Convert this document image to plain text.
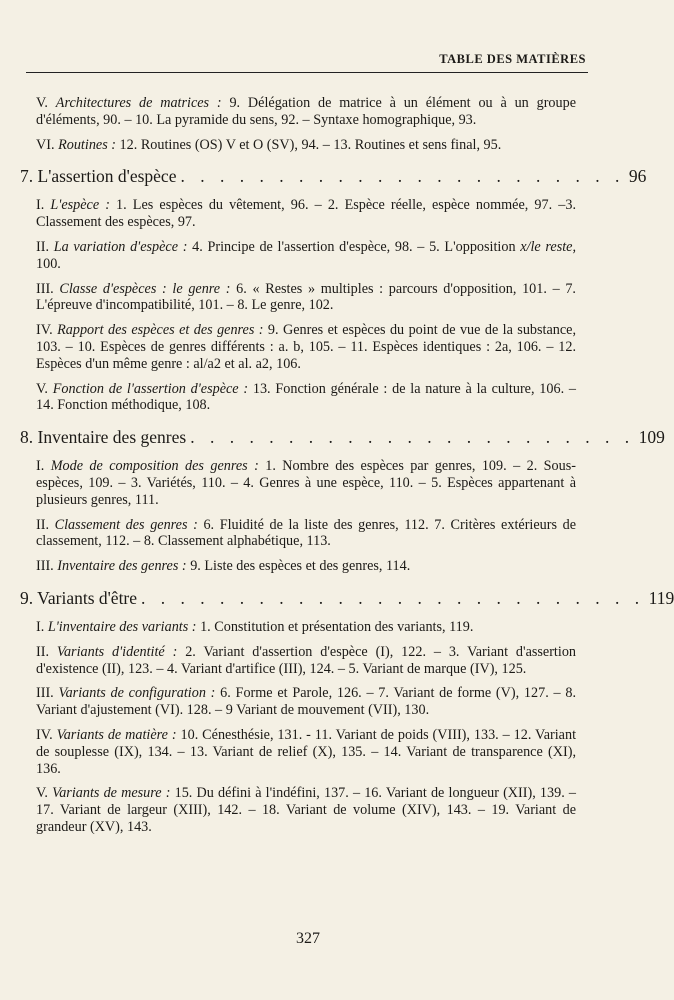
TABLE DES MATIÈRES

V. Architectures de matrices : 9. Délégation de matrice à un élément ou à un groupe d'éléments, 90. – 10. La pyramide du sens, 92. – Syntaxe homographique, 93.

VI. Routines : 12. Routines (OS) V et O (SV), 94. – 13. Routines et sens final, 95.

7. L'assertion d'espèce . . . . . . . . . . . . . . . . . . . . . . . 96

I. L'espèce : 1. Les espèces du vêtement, 96. – 2. Espèce réelle, espèce nommée, 97. –3. Classement des espèces, 97.

II. La variation d'espèce : 4. Principe de l'assertion d'espèce, 98. – 5. L'opposition x/le reste, 100.

III. Classe d'espèces : le genre : 6. « Restes » multiples : parcours d'opposition, 101. – 7. L'épreuve d'incompatibilité, 101. – 8. Le genre, 102.

IV. Rapport des espèces et des genres : 9. Genres et espèces du point de vue de la substance, 103. – 10. Espèces de genres différents : a. b, 105. – 11. Espèces identiques : 2a, 106. – 12. Espèces d'un même genre : al/a2 et al. a2, 106.

V. Fonction de l'assertion d'espèce : 13. Fonction générale : de la nature à la culture, 106. – 14. Fonction méthodique, 108.

8. Inventaire des genres . . . . . . . . . . . . . . . . . . . . . . . 109

I. Mode de composition des genres : 1. Nombre des espèces par genres, 109. – 2. Sous-espèces, 109. – 3. Variétés, 110. – 4. Genres à une espèce, 110. – 5. Espèces appartenant à plusieurs genres, 111.

II. Classement des genres : 6. Fluidité de la liste des genres, 112. 7. Critères extérieurs de classement, 112. – 8. Classement alphabétique, 113.

III. Inventaire des genres : 9. Liste des espèces et des genres, 114.

9. Variants d'être . . . . . . . . . . . . . . . . . . . . . . . . . . 119

I. L'inventaire des variants : 1. Constitution et présentation des variants, 119.

II. Variants d'identité : 2. Variant d'assertion d'espèce (I), 122. – 3. Variant d'assertion d'existence (II), 123. – 4. Variant d'artifice (III), 124. – 5. Variant de marque (IV), 125.

III. Variants de configuration : 6. Forme et Parole, 126. – 7. Variant de forme (V), 127. – 8. Variant d'ajustement (VI). 128. – 9 Variant de mouvement (VII), 130.

IV. Variants de matière : 10. Cénesthésie, 131. - 11. Variant de poids (VIII), 133. – 12. Variant de souplesse (IX), 134. – 13. Variant de relief (X), 135. – 14. Variant de transparence (XI), 136.

V. Variants de mesure : 15. Du défini à l'indéfini, 137. – 16. Variant de longueur (XII), 139. – 17. Variant de largeur (XIII), 142. – 18. Variant de volume (XIV), 143. – 19. Variant de grandeur (XV), 143.

327
